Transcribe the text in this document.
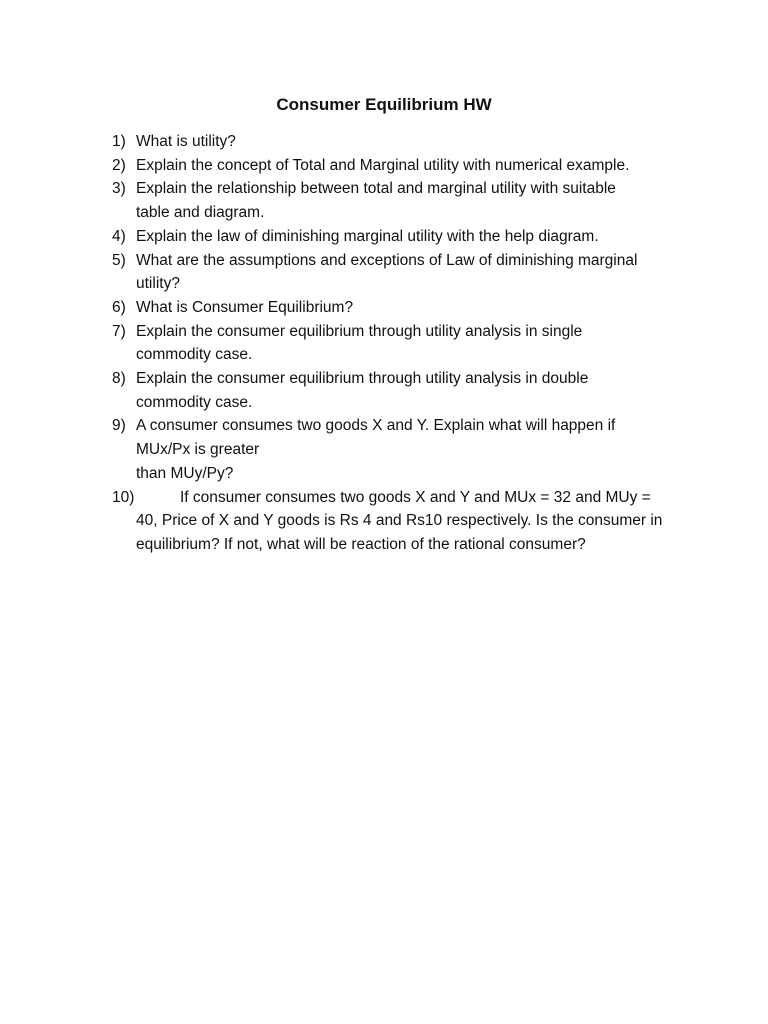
Consumer Equilibrium HW
1) What is utility?
2) Explain the concept of Total and Marginal utility with numerical example.
3) Explain the relationship between total and marginal utility with suitable
table and diagram.
4) Explain the law of diminishing marginal utility with the help diagram.
5) What are the assumptions and exceptions of Law of diminishing marginal
utility?
6) What is Consumer Equilibrium?
7) Explain the consumer equilibrium through utility analysis in single
commodity case.
8) Explain the consumer equilibrium through utility analysis in double
commodity case.
9) A consumer consumes two goods X and Y. Explain what will happen if
MUx/Px is greater
than MUy/Py?
10)	If consumer consumes two goods X and Y and MUx = 32 and MUy =
40, Price of X and Y goods is Rs 4 and Rs10 respectively. Is the consumer in
equilibrium? If not, what will be reaction of the rational consumer?
